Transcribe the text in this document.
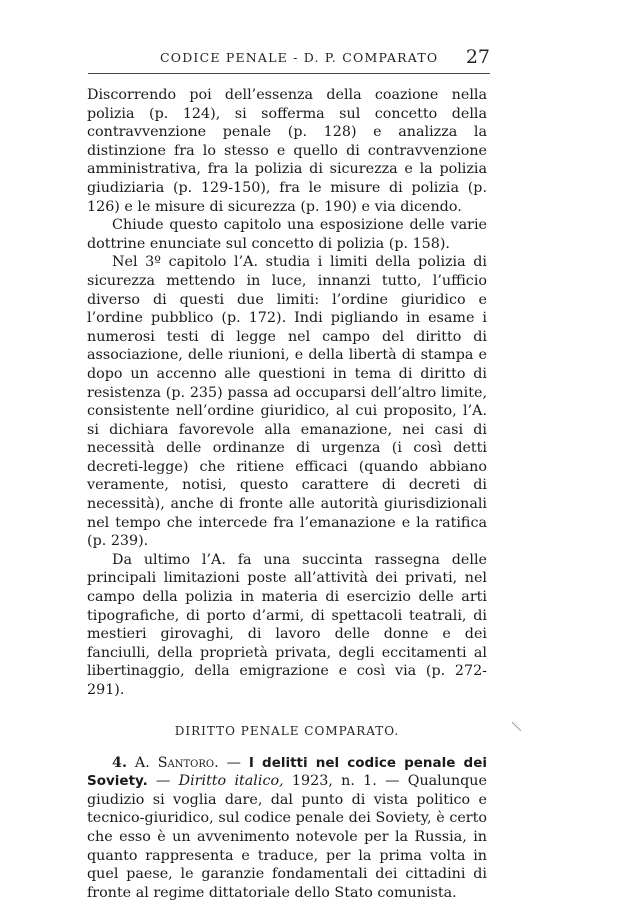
CODICE PENALE - D. P. COMPARATO 27

Discorrendo poi dell’essenza della coazione nella polizia (p. 124), si sofferma sul concetto della contravvenzione penale (p. 128) e analizza la distinzione fra lo stesso e quello di contravvenzione amministrativa, fra la polizia di sicurezza e la polizia giudiziaria (p. 129-150), fra le misure di polizia (p. 126) e le misure di sicurezza (p. 190) e via dicendo.

Chiude questo capitolo una esposizione delle varie dottrine enunciate sul concetto di polizia (p. 158).

Nel 3º capitolo l’A. studia i limiti della polizia di sicurezza mettendo in luce, innanzi tutto, l’ufficio diverso di questi due limiti: l’ordine giuridico e l’ordine pubblico (p. 172). Indi pigliando in esame i numerosi testi di legge nel campo del diritto di associazione, delle riunioni, e della libertà di stampa e dopo un accenno alle questioni in tema di diritto di resistenza (p. 235) passa ad occuparsi dell’altro limite, consistente nell’ordine giuridico, al cui proposito, l’A. si dichiara favorevole alla emanazione, nei casi di necessità delle ordinanze di urgenza (i così detti decreti-legge) che ritiene efficaci (quando abbiano veramente, notisi, questo carattere di decreti di necessità), anche di fronte alle autorità giurisdizionali nel tempo che intercede fra l’emanazione e la ratifica (p. 239).

Da ultimo l’A. fa una succinta rassegna delle principali limitazioni poste all’attività dei privati, nel campo della polizia in materia di esercizio delle arti tipografiche, di porto d’armi, di spettacoli teatrali, di mestieri girovaghi, di lavoro delle donne e dei fanciulli, della proprietà privata, degli eccitamenti al libertinaggio, della emigrazione e così via (p. 272-291).

DIRITTO PENALE COMPARATO.

4. A. Santoro. — I delitti nel codice penale dei Soviety. — Diritto italico, 1923, n. 1. — Qualunque giudizio si voglia dare, dal punto di vista politico e tecnico-giuridico, sul codice penale dei Soviety, è certo che esso è un avvenimento notevole per la Russia, in quanto rappresenta e traduce, per la prima volta in quel paese, le garanzie fondamentali dei cittadini di fronte al regime dittatoriale dello Stato comunista.
